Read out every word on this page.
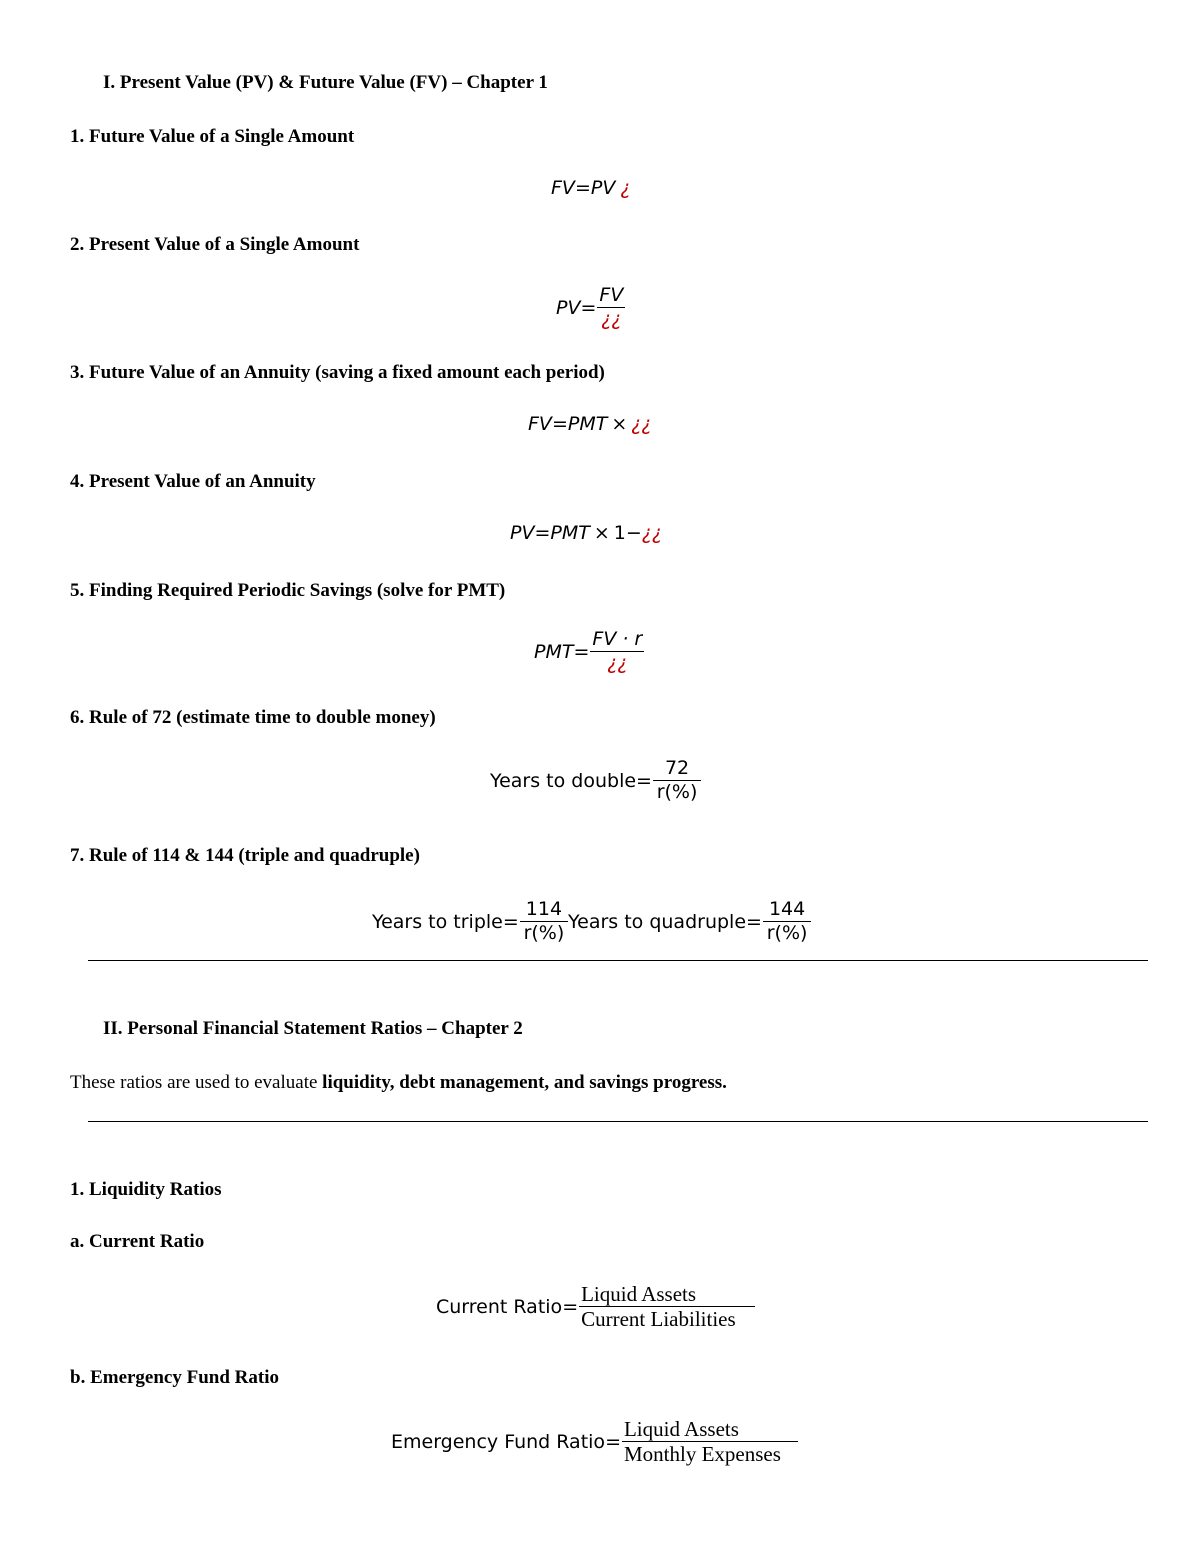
I. Present Value (PV) & Future Value (FV) – Chapter 1
1. Future Value of a Single Amount
FV = PV ¿
2. Present Value of a Single Amount
PV = $\frac{FV}{¿¿}$
3. Future Value of an Annuity (saving a fixed amount each period)
FV = PMT × ¿¿
4. Present Value of an Annuity
PV = PMT × 1− ¿¿
5. Finding Required Periodic Savings (solve for PMT)
PMT = $\frac{FV \cdot r}{¿¿}$
6. Rule of 72 (estimate time to double money)
Years to double = $\frac{72}{r(\%)}$
7. Rule of 114 & 144 (triple and quadruple)
Years to triple = $\frac{114}{r(\%)}$ Years to quadruple = $\frac{144}{r(\%)}$
II. Personal Financial Statement Ratios – Chapter 2
These ratios are used to evaluate liquidity, debt management, and savings progress.
1. Liquidity Ratios
a. Current Ratio
Current Ratio = $\frac{\text{Liquid Assets}}{\text{Current Liabilities}}$
b. Emergency Fund Ratio
Emergency Fund Ratio = $\frac{\text{Liquid Assets}}{\text{Monthly Expenses}}$
